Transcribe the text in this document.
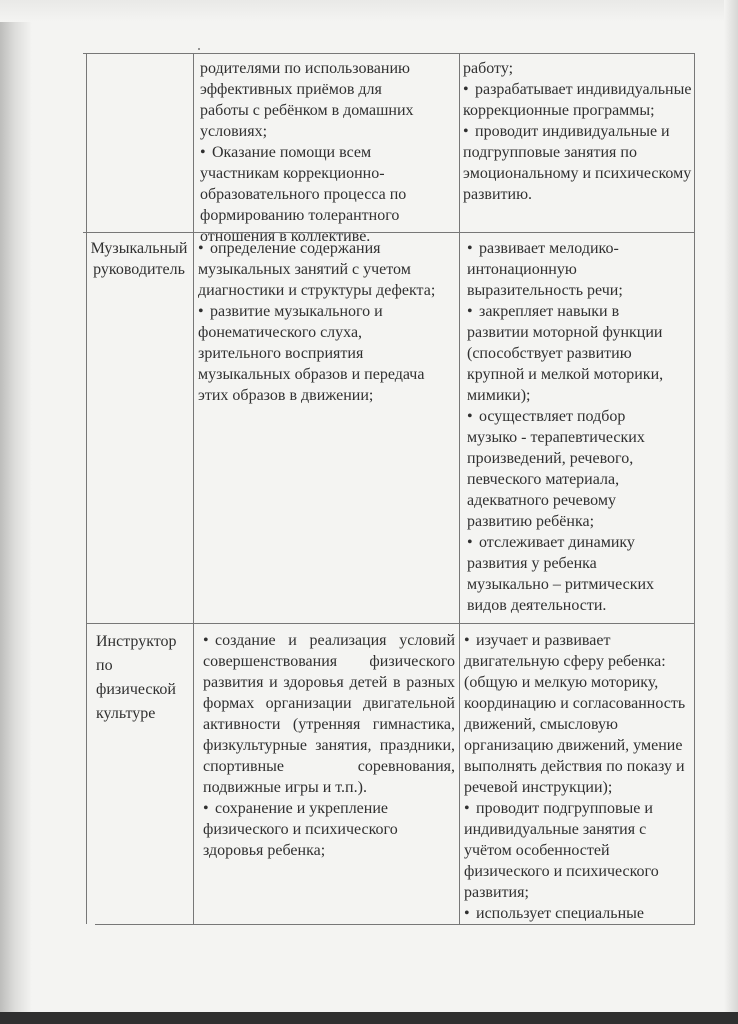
родителями по использованию эффективных приёмов для работы с ребёнком в домашних условиях;
• Оказание помощи всем участникам коррекционно-образовательного процесса по формированию толерантного отношения в коллективе.
работу;
• разрабатывает индивидуальные коррекционные программы;
• проводит индивидуальные и подгрупповые занятия по эмоциональному и психическому развитию.
Музыкальный руководитель
• определение содержания музыкальных занятий с учетом диагностики и структуры дефекта;
• развитие музыкального и фонематического слуха, зрительного восприятия музыкальных образов и передача этих образов в движении;
• развивает мелодико-интонационную выразительность речи;
• закрепляет навыки в развитии моторной функции (способствует развитию крупной и мелкой моторики, мимики);
• осуществляет подбор музыко - терапевтических произведений, речевого, певческого материала, адекватного речевому развитию ребёнка;
• отслеживает динамику развития у ребенка музыкально – ритмических видов деятельности.
Инструктор по физической культуре
• создание и реализация условий совершенствования физического развития и здоровья детей в разных формах организации двигательной активности (утренняя гимнастика, физкультурные занятия, праздники, спортивные соревнования, подвижные игры и т.п.).
• сохранение и укрепление физического и психического здоровья ребенка;
• изучает и развивает двигательную сферу ребенка: (общую и мелкую моторику, координацию и согласованность движений, смысловую организацию движений, умение выполнять действия по показу и речевой инструкции);
• проводит подгрупповые и индивидуальные занятия с учётом особенностей физического и психического развития;
• использует специальные
